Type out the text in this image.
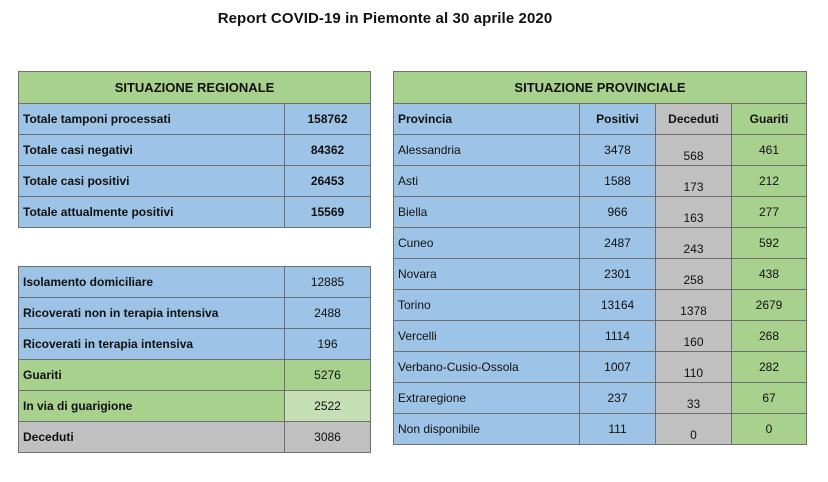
Report COVID-19 in Piemonte al 30 aprile 2020
SITUAZIONE REGIONALE	
Totale tamponi processati	158762
Totale casi negativi	84362
Totale casi positivi	26453
Totale attualmente positivi	15569
Isolamento domiciliare	12885
Ricoverati non in terapia intensiva	2488
Ricoverati in terapia intensiva	196
Guariti	5276
In via di guarigione	2522
Deceduti	3086
SITUAZIONE PROVINCIALE			
Provincia	Positivi	Deceduti	Guariti
Alessandria	3478	568	461
Asti	1588	173	212
Biella	966	163	277
Cuneo	2487	243	592
Novara	2301	258	438
Torino	13164	1378	2679
Vercelli	1114	160	268
Verbano-Cusio-Ossola	1007	110	282
Extraregione	237	33	67
Non disponibile	111	0	0
